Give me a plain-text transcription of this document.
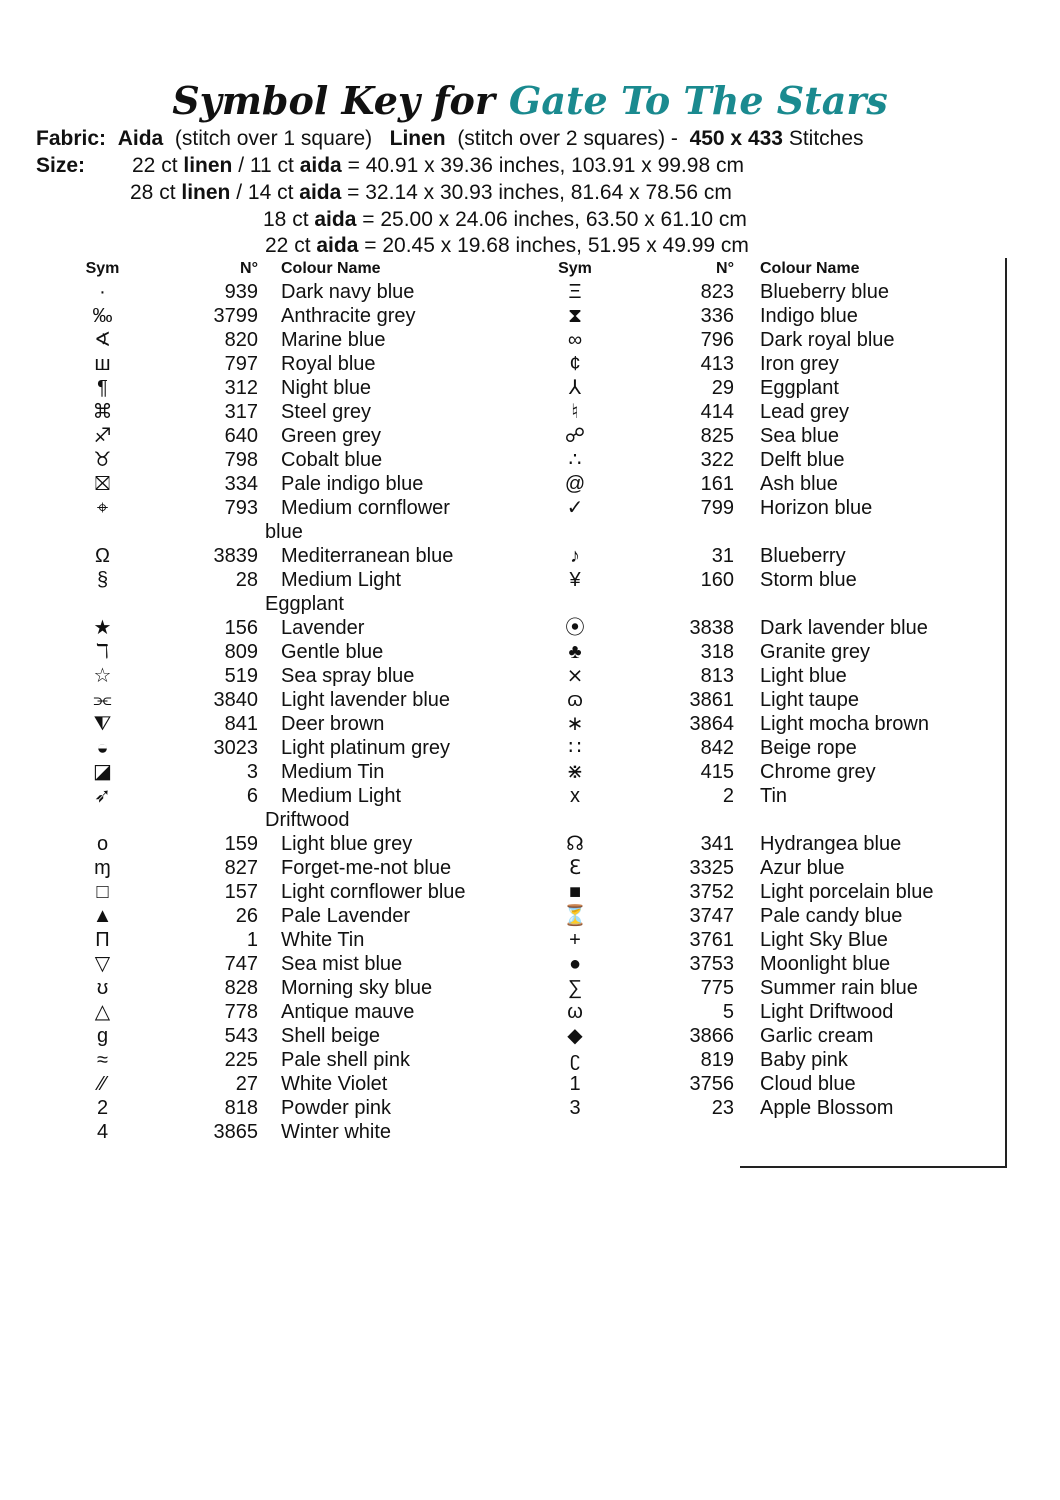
Symbol Key for Gate To The Stars
Fabric: Aida (stitch over 1 square) Linen (stitch over 2 squares) - 450 x 433 Stitches
Size: 22 ct linen / 11 ct aida = 40.91 x 39.36 inches, 103.91 x 99.98 cm
28 ct linen / 14 ct aida = 32.14 x 30.93 inches, 81.64 x 78.56 cm
18 ct aida = 25.00 x 24.06 inches, 63.50 x 61.10 cm
22 ct aida = 20.45 x 19.68 inches, 51.95 x 49.99 cm
Sym	N° Colour Name
·	939 Dark navy blue
‰	3799 Anthracite grey
∢	820 Marine blue
ш	797 Royal blue
¶	312 Night blue
⌘	317 Steel grey
♐	640 Green grey
♉	798 Cobalt blue
⛝	334 Pale indigo blue
⌖	793 Medium cornflower
blue
Ω	3839 Mediterranean blue
§	28 Medium Light
Eggplant
★	156 Lavender
ℸ	809 Gentle blue
☆	519 Sea spray blue
⫘	3840 Light lavender blue
⧨	841 Deer brown
◒	3023 Light platinum grey
◪	3 Medium Tin
➶	6 Medium Light
Driftwood
o	159 Light blue grey
ɱ	827 Forget-me-not blue
□	157 Light cornflower blue
▲	26 Pale Lavender
Π	1 White Tin
▽	747 Sea mist blue
ʊ	828 Morning sky blue
△	778 Antique mauve
g	543 Shell beige
≈	225 Pale shell pink
⁄⁄	27 White Violet
2	818 Powder pink
4	3865 Winter white
Sym	N° Colour Name
Ξ	823 Blueberry blue
⧗	336 Indigo blue
∞	796 Dark royal blue
¢	413 Iron grey
⅄	29 Eggplant
♮	414 Lead grey
☍	825 Sea blue
∴	322 Delft blue
@	161 Ash blue
✓	799 Horizon blue
♪	31 Blueberry
¥	160 Storm blue
⦿	3838 Dark lavender blue
♣	318 Granite grey
⨯	813 Light blue
ɷ	3861 Light taupe
∗	3864 Light mocha brown
∷	842 Beige rope
⋇	415 Chrome grey
x	2 Tin
☊	341 Hydrangea blue
ℇ	3325 Azur blue
■	3752 Light porcelain blue
⏳	3747 Pale candy blue
+	3761 Light Sky Blue
●	3753 Moonlight blue
∑	775 Summer rain blue
ω	5 Light Driftwood
◆	3866 Garlic cream
ʗ	819 Baby pink
1	3756 Cloud blue
3	23 Apple Blossom
